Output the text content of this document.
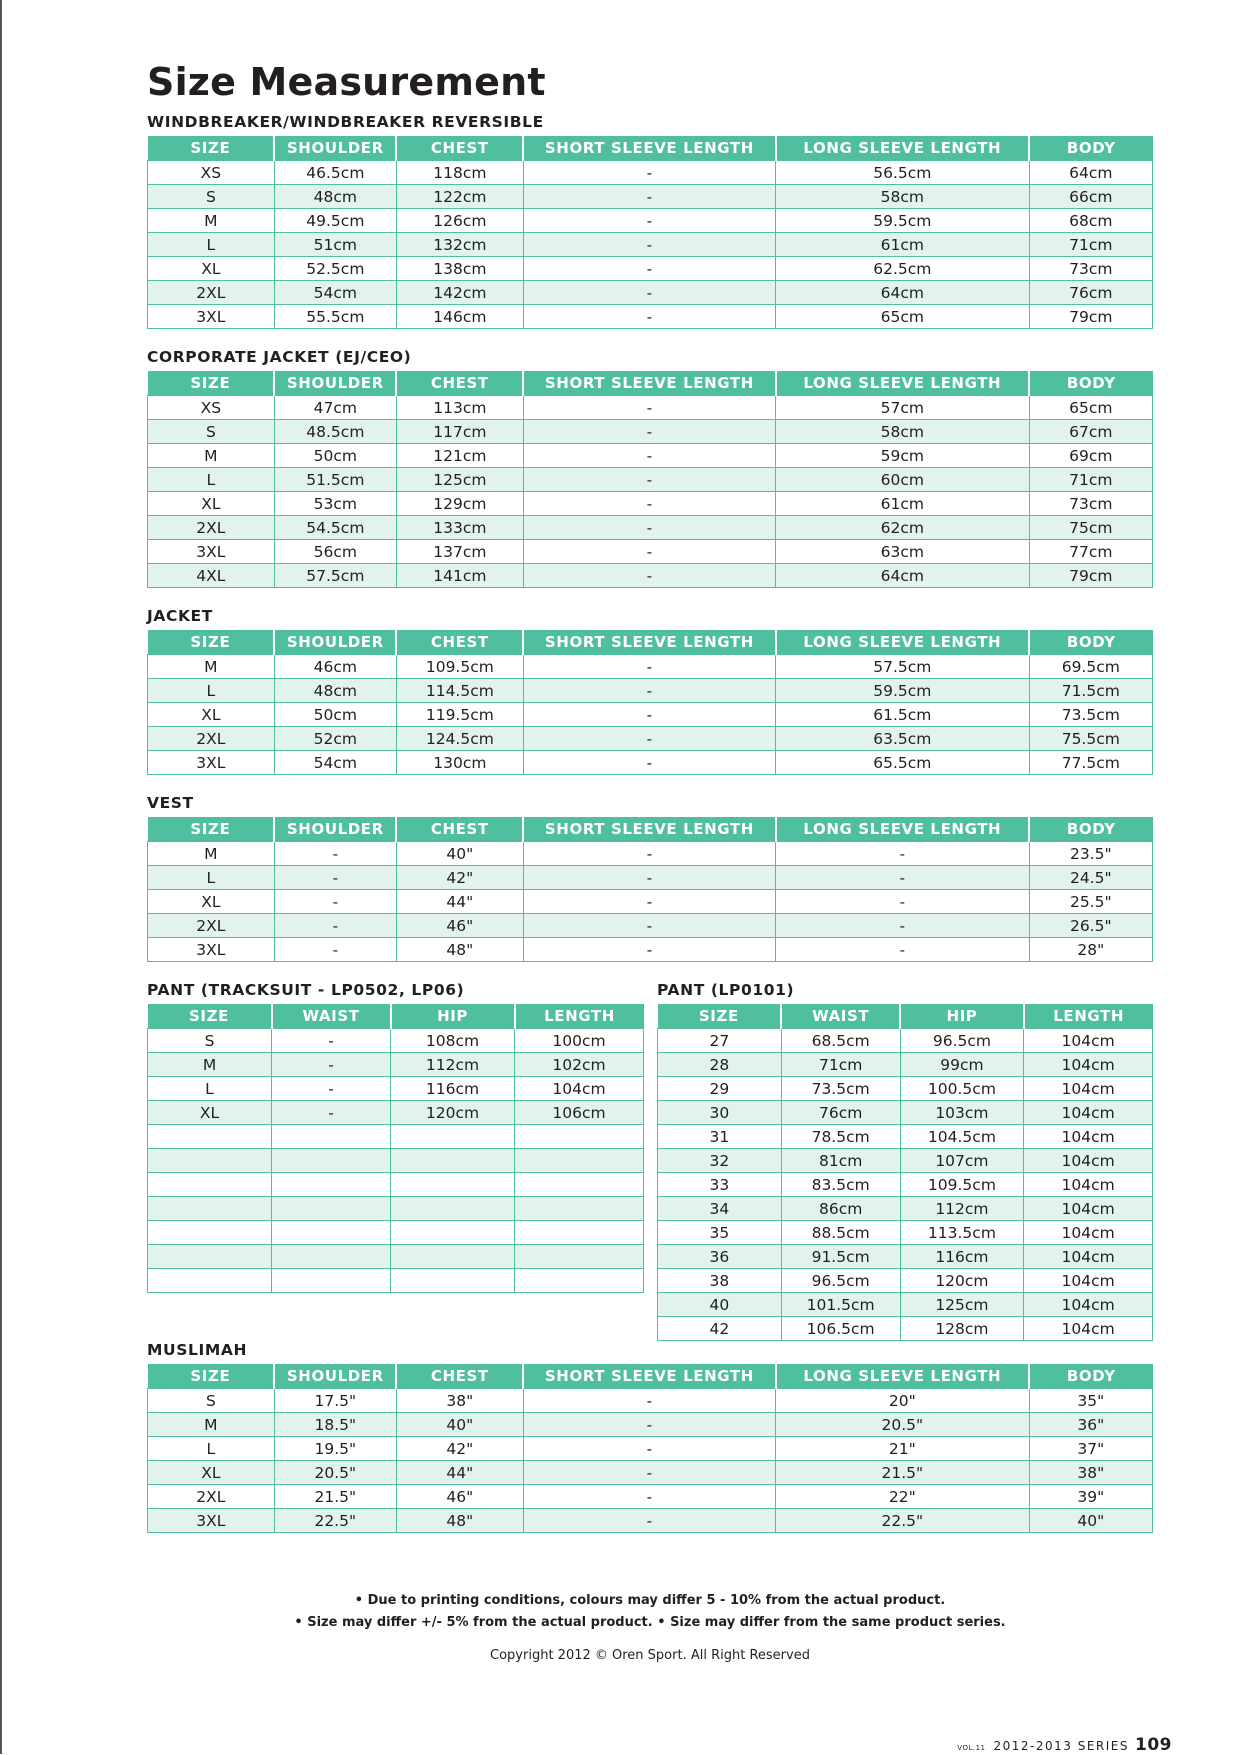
Size Measurement
WINDBREAKER/WINDBREAKER REVERSIBLE
SIZE	SHOULDER	CHEST	SHORT SLEEVE LENGTH	LONG SLEEVE LENGTH	BODY
XS	46.5cm	118cm	-	56.5cm	64cm
S	48cm	122cm	-	58cm	66cm
M	49.5cm	126cm	-	59.5cm	68cm
L	51cm	132cm	-	61cm	71cm
XL	52.5cm	138cm	-	62.5cm	73cm
2XL	54cm	142cm	-	64cm	76cm
3XL	55.5cm	146cm	-	65cm	79cm
CORPORATE JACKET (EJ/CEO)
SIZE	SHOULDER	CHEST	SHORT SLEEVE LENGTH	LONG SLEEVE LENGTH	BODY
XS	47cm	113cm	-	57cm	65cm
S	48.5cm	117cm	-	58cm	67cm
M	50cm	121cm	-	59cm	69cm
L	51.5cm	125cm	-	60cm	71cm
XL	53cm	129cm	-	61cm	73cm
2XL	54.5cm	133cm	-	62cm	75cm
3XL	56cm	137cm	-	63cm	77cm
4XL	57.5cm	141cm	-	64cm	79cm
JACKET
SIZE	SHOULDER	CHEST	SHORT SLEEVE LENGTH	LONG SLEEVE LENGTH	BODY
M	46cm	109.5cm	-	57.5cm	69.5cm
L	48cm	114.5cm	-	59.5cm	71.5cm
XL	50cm	119.5cm	-	61.5cm	73.5cm
2XL	52cm	124.5cm	-	63.5cm	75.5cm
3XL	54cm	130cm	-	65.5cm	77.5cm
VEST
SIZE	SHOULDER	CHEST	SHORT SLEEVE LENGTH	LONG SLEEVE LENGTH	BODY
M	-	40"	-	-	23.5"
L	-	42"	-	-	24.5"
XL	-	44"	-	-	25.5"
2XL	-	46"	-	-	26.5"
3XL	-	48"	-	-	28"
PANT (TRACKSUIT - LP0502, LP06)
SIZE	WAIST	HIP	LENGTH
S	-	108cm	100cm
M	-	112cm	102cm
L	-	116cm	104cm
XL	-	120cm	106cm

PANT (LP0101)
SIZE	WAIST	HIP	LENGTH
27	68.5cm	96.5cm	104cm
28	71cm	99cm	104cm
29	73.5cm	100.5cm	104cm
30	76cm	103cm	104cm
31	78.5cm	104.5cm	104cm
32	81cm	107cm	104cm
33	83.5cm	109.5cm	104cm
34	86cm	112cm	104cm
35	88.5cm	113.5cm	104cm
36	91.5cm	116cm	104cm
38	96.5cm	120cm	104cm
40	101.5cm	125cm	104cm
42	106.5cm	128cm	104cm
MUSLIMAH
SIZE	SHOULDER	CHEST	SHORT SLEEVE LENGTH	LONG SLEEVE LENGTH	BODY
S	17.5"	38"	-	20"	35"
M	18.5"	40"	-	20.5"	36"
L	19.5"	42"	-	21"	37"
XL	20.5"	44"	-	21.5"	38"
2XL	21.5"	46"	-	22"	39"
3XL	22.5"	48"	-	22.5"	40"
• Due to printing conditions, colours may differ 5 - 10% from the actual product.
• Size may differ +/- 5% from the actual product. • Size may differ from the same product series.
Copyright 2012 © Oren Sport. All Right Reserved
VOL.11 2012-2013 SERIES 109
